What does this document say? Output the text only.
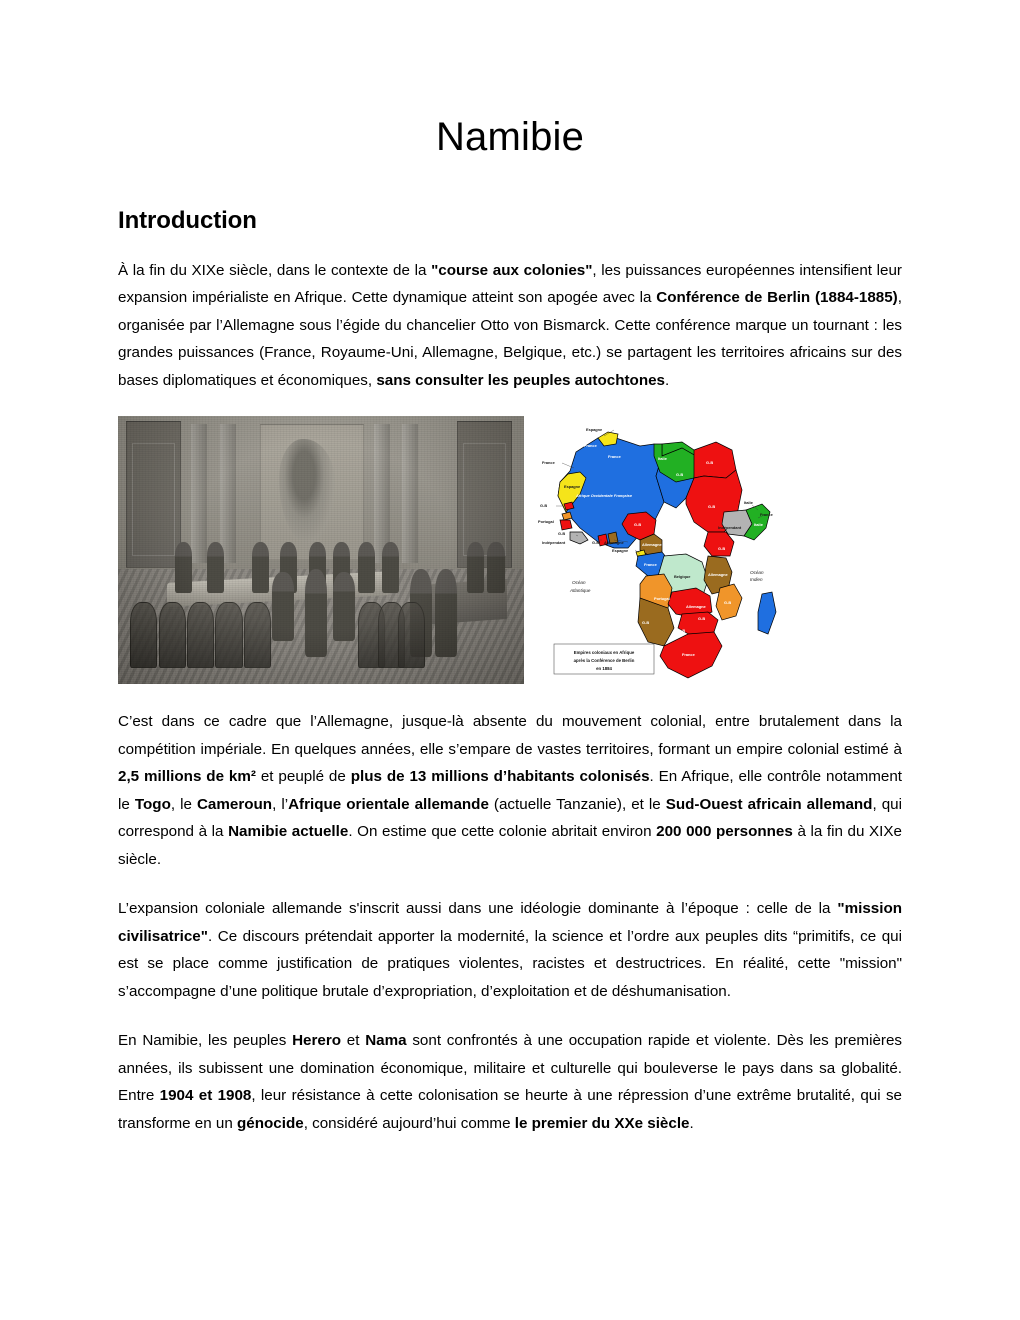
Namibie
Introduction

À la fin du XIXe siècle, dans le contexte de la "course aux colonies", les puissances européennes intensifient leur expansion impérialiste en Afrique. Cette dynamique atteint son apogée avec la Conférence de Berlin (1884-1885), organisée par l’Allemagne sous l’égide du chancelier Otto von Bismarck. Cette conférence marque un tournant : les grandes puissances (France, Royaume-Uni, Allemagne, Belgique, etc.) se partagent les territoires africains sur des bases diplomatiques et économiques, sans consulter les peuples autochtones.

Espagne
France
France
France
Espagne
Afrique Occidentale Française
G-B
Portugal
G-B
Indépendant	G-B Allemagne
Espagne
G-B
Allemagne
France
Italie
G-B
G-B
G-B
Italie
France
Italie
Indépendant
G-B
Belgique	Allemagne	Océan
Indien
Océan
Atlantique
Portugal
G-B
Allemagne
G-B
G-B
G-B
France
Empires coloniaux en Afrique
après la Conférence de Berlin
en 1884

C’est dans ce cadre que l’Allemagne, jusque-là absente du mouvement colonial, entre brutalement dans la compétition impériale. En quelques années, elle s’empare de vastes territoires, formant un empire colonial estimé à 2,5 millions de km² et peuplé de plus de 13 millions d’habitants colonisés. En Afrique, elle contrôle notamment le Togo, le Cameroun, l’Afrique orientale allemande (actuelle Tanzanie), et le Sud-Ouest africain allemand, qui correspond à la Namibie actuelle. On estime que cette colonie abritait environ 200 000 personnes à la fin du XIXe siècle.

L’expansion coloniale allemande s'inscrit aussi dans une idéologie dominante à l’époque : celle de la "mission civilisatrice". Ce discours prétendait apporter la modernité, la science et l’ordre aux peuples dits “primitifs, ce qui est se place comme justification de pratiques violentes, racistes et destructrices. En réalité, cette "mission" s’accompagne d’une politique brutale d’expropriation, d’exploitation et de déshumanisation.

En Namibie, les peuples Herero et Nama sont confrontés à une occupation rapide et violente. Dès les premières années, ils subissent une domination économique, militaire et culturelle qui bouleverse le pays dans sa globalité. Entre 1904 et 1908, leur résistance à cette colonisation se heurte à une répression d’une extrême brutalité, qui se transforme en un génocide, considéré aujourd’hui comme le premier du XXe siècle.
